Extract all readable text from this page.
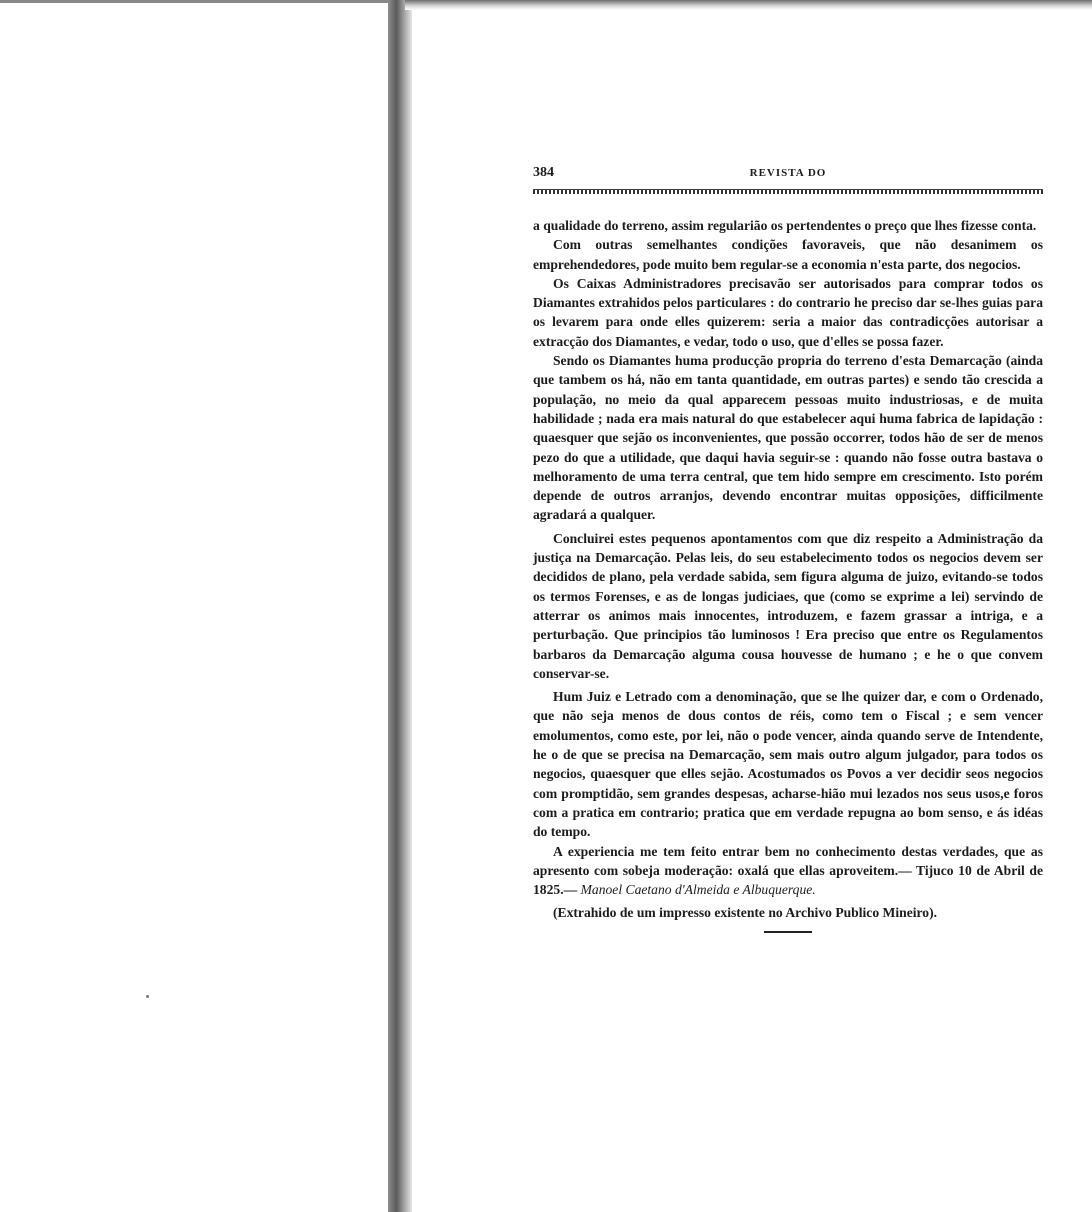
384	REVISTA DO

a qualidade do terreno, assim regularião os pertendentes o preço que lhes fizesse conta.

Com outras semelhantes condições favoraveis, que não desanimem os emprehendedores, pode muito bem regular-se a economia n'esta parte, dos negocios.

Os Caixas Administradores precisavão ser autorisados para comprar todos os Diamantes extrahidos pelos particulares : do contrario he preciso dar se-lhes guias para os levarem para onde elles quizerem: seria a maior das contradicções autorisar a extracção dos Diamantes, e vedar, todo o uso, que d'elles se possa fazer.

Sendo os Diamantes huma producção propria do terreno d'esta Demarcação (ainda que tambem os há, não em tanta quantidade, em outras partes) e sendo tão crescida a população, no meio da qual apparecem pessoas muito industriosas, e de muita habilidade ; nada era mais natural do que estabelecer aqui huma fabrica de lapidação : quaesquer que sejão os inconvenientes, que possão occorrer, todos hão de ser de menos pezo do que a utilidade, que daqui havia seguir-se : quando não fosse outra bastava o melhoramento de uma terra central, que tem hido sempre em crescimento. Isto porém depende de outros arranjos, devendo encontrar muitas opposições, difficilmente agradará a qualquer.

Concluirei estes pequenos apontamentos com que diz respeito a Administração da justiça na Demarcação. Pelas leis, do seu estabelecimento todos os negocios devem ser decididos de plano, pela verdade sabida, sem figura alguma de juizo, evitando-se todos os termos Forenses, e as de longas judiciaes, que (como se exprime a lei) servindo de atterrar os animos mais innocentes, introduzem, e fazem grassar a intriga, e a perturbação. Que principios tão luminosos ! Era preciso que entre os Regulamentos barbaros da Demarcação alguma cousa houvesse de humano ; e he o que convem conservar-se.

Hum Juiz e Letrado com a denominação, que se lhe quizer dar, e com o Ordenado, que não seja menos de dous contos de réis, como tem o Fiscal ; e sem vencer emolumentos, como este, por lei, não o pode vencer, ainda quando serve de Intendente, he o de que se precisa na Demarcação, sem mais outro algum julgador, para todos os negocios, quaesquer que elles sejão. Acostumados os Povos a ver decidir seos negocios com promptidão, sem grandes despesas, acharse-hião mui lezados nos seus usos,e foros com a pratica em contrario; pratica que em verdade repugna ao bom senso, e ás idéas do tempo.

A experiencia me tem feito entrar bem no conhecimento destas verdades, que as apresento com sobeja moderação: oxalá que ellas aproveitem.— Tijuco 10 de Abril de 1825.— Manoel Caetano d'Almeida e Albuquerque.

(Extrahido de um impresso existente no Archivo Publico Mineiro).
